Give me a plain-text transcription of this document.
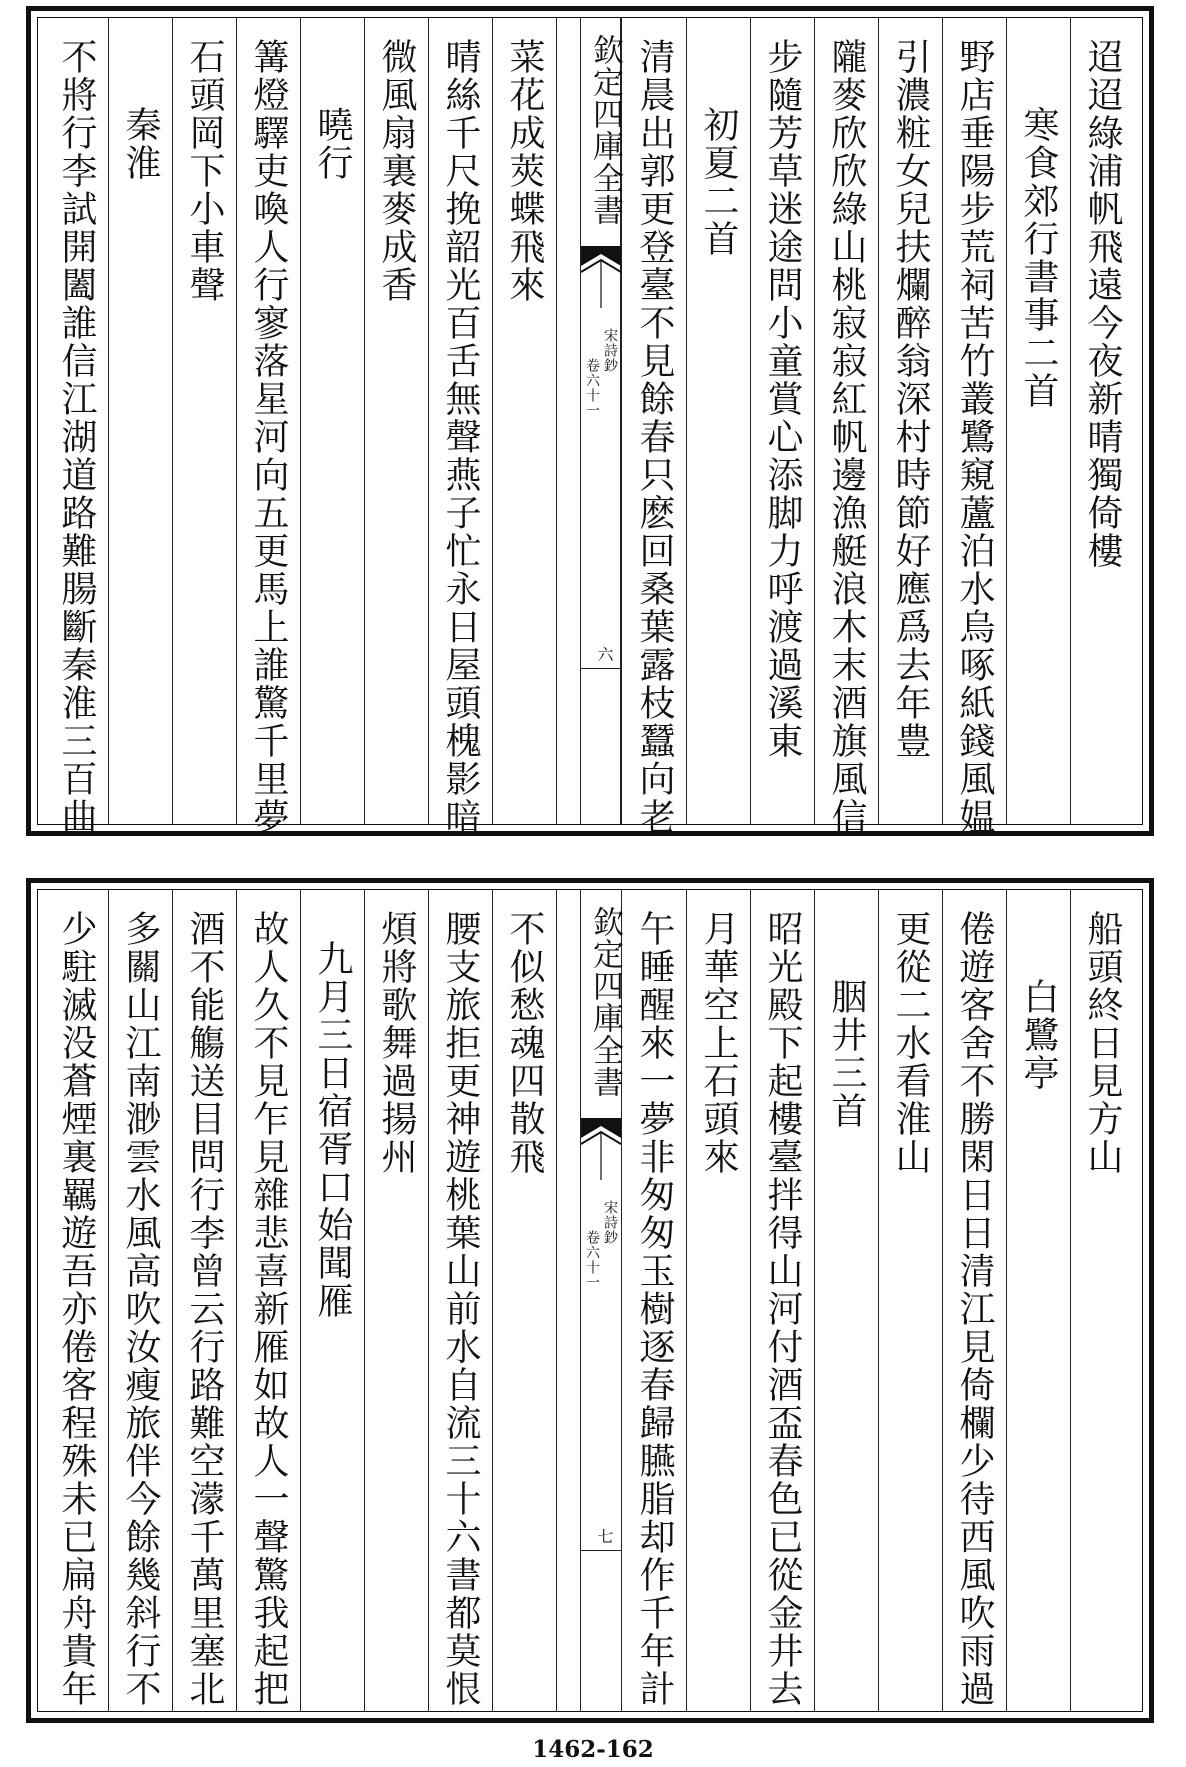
迢迢綠浦帆飛遠今夜新晴獨倚樓
寒食郊行書事二首
野店垂陽步荒祠苦竹叢鷺窺蘆泊水烏啄紙錢風媪
引濃粧女兒扶爛醉翁深村時節好應爲去年豊
隴麥欣欣綠山桃寂寂紅帆邊漁艇浪木末酒旗風信
步隨芳草迷途問小童賞心添脚力呼渡過溪東
初夏二首
清晨出郭更登臺不見餘春只麽回桑葉露枝蠶向老
欽定四庫全書
宋詩鈔
卷六十一
六
菜花成莢蝶飛來
晴絲千尺挽韶光百舌無聲燕子忙永日屋頭槐影暗
微風扇裏麥成香
曉行
篝燈驛吏喚人行寥落星河向五更馬上誰驚千里夢
石頭岡下小車聲
秦淮
不將行李試開闔誰信江湖道路難腸斷秦淮三百曲
船頭終日見方山
白鷺亭
倦遊客舍不勝閑日日清江見倚欄少待西風吹雨過
更從二水看淮山
胭井三首
昭光殿下起樓臺拌得山河付酒盃春色已從金井去
月華空上石頭來
午睡醒來一夢非匆匆玉樹逐春歸臙脂却作千年計
欽定四庫全書
宋詩鈔
卷六十一
七
不似愁魂四散飛
腰支旅拒更神遊桃葉山前水自流三十六書都莫恨
煩將歌舞過揚州
九月三日宿胥口始聞雁
故人久不見乍見雜悲喜新雁如故人一聲驚我起把
酒不能觴送目問行李曾云行路難空濛千萬里塞北
多關山江南渺雲水風高吹汝瘦旅伴今餘幾斜行不
少駐滅没蒼煙裏羈遊吾亦倦客程殊未已扁舟貴年
1462-162
